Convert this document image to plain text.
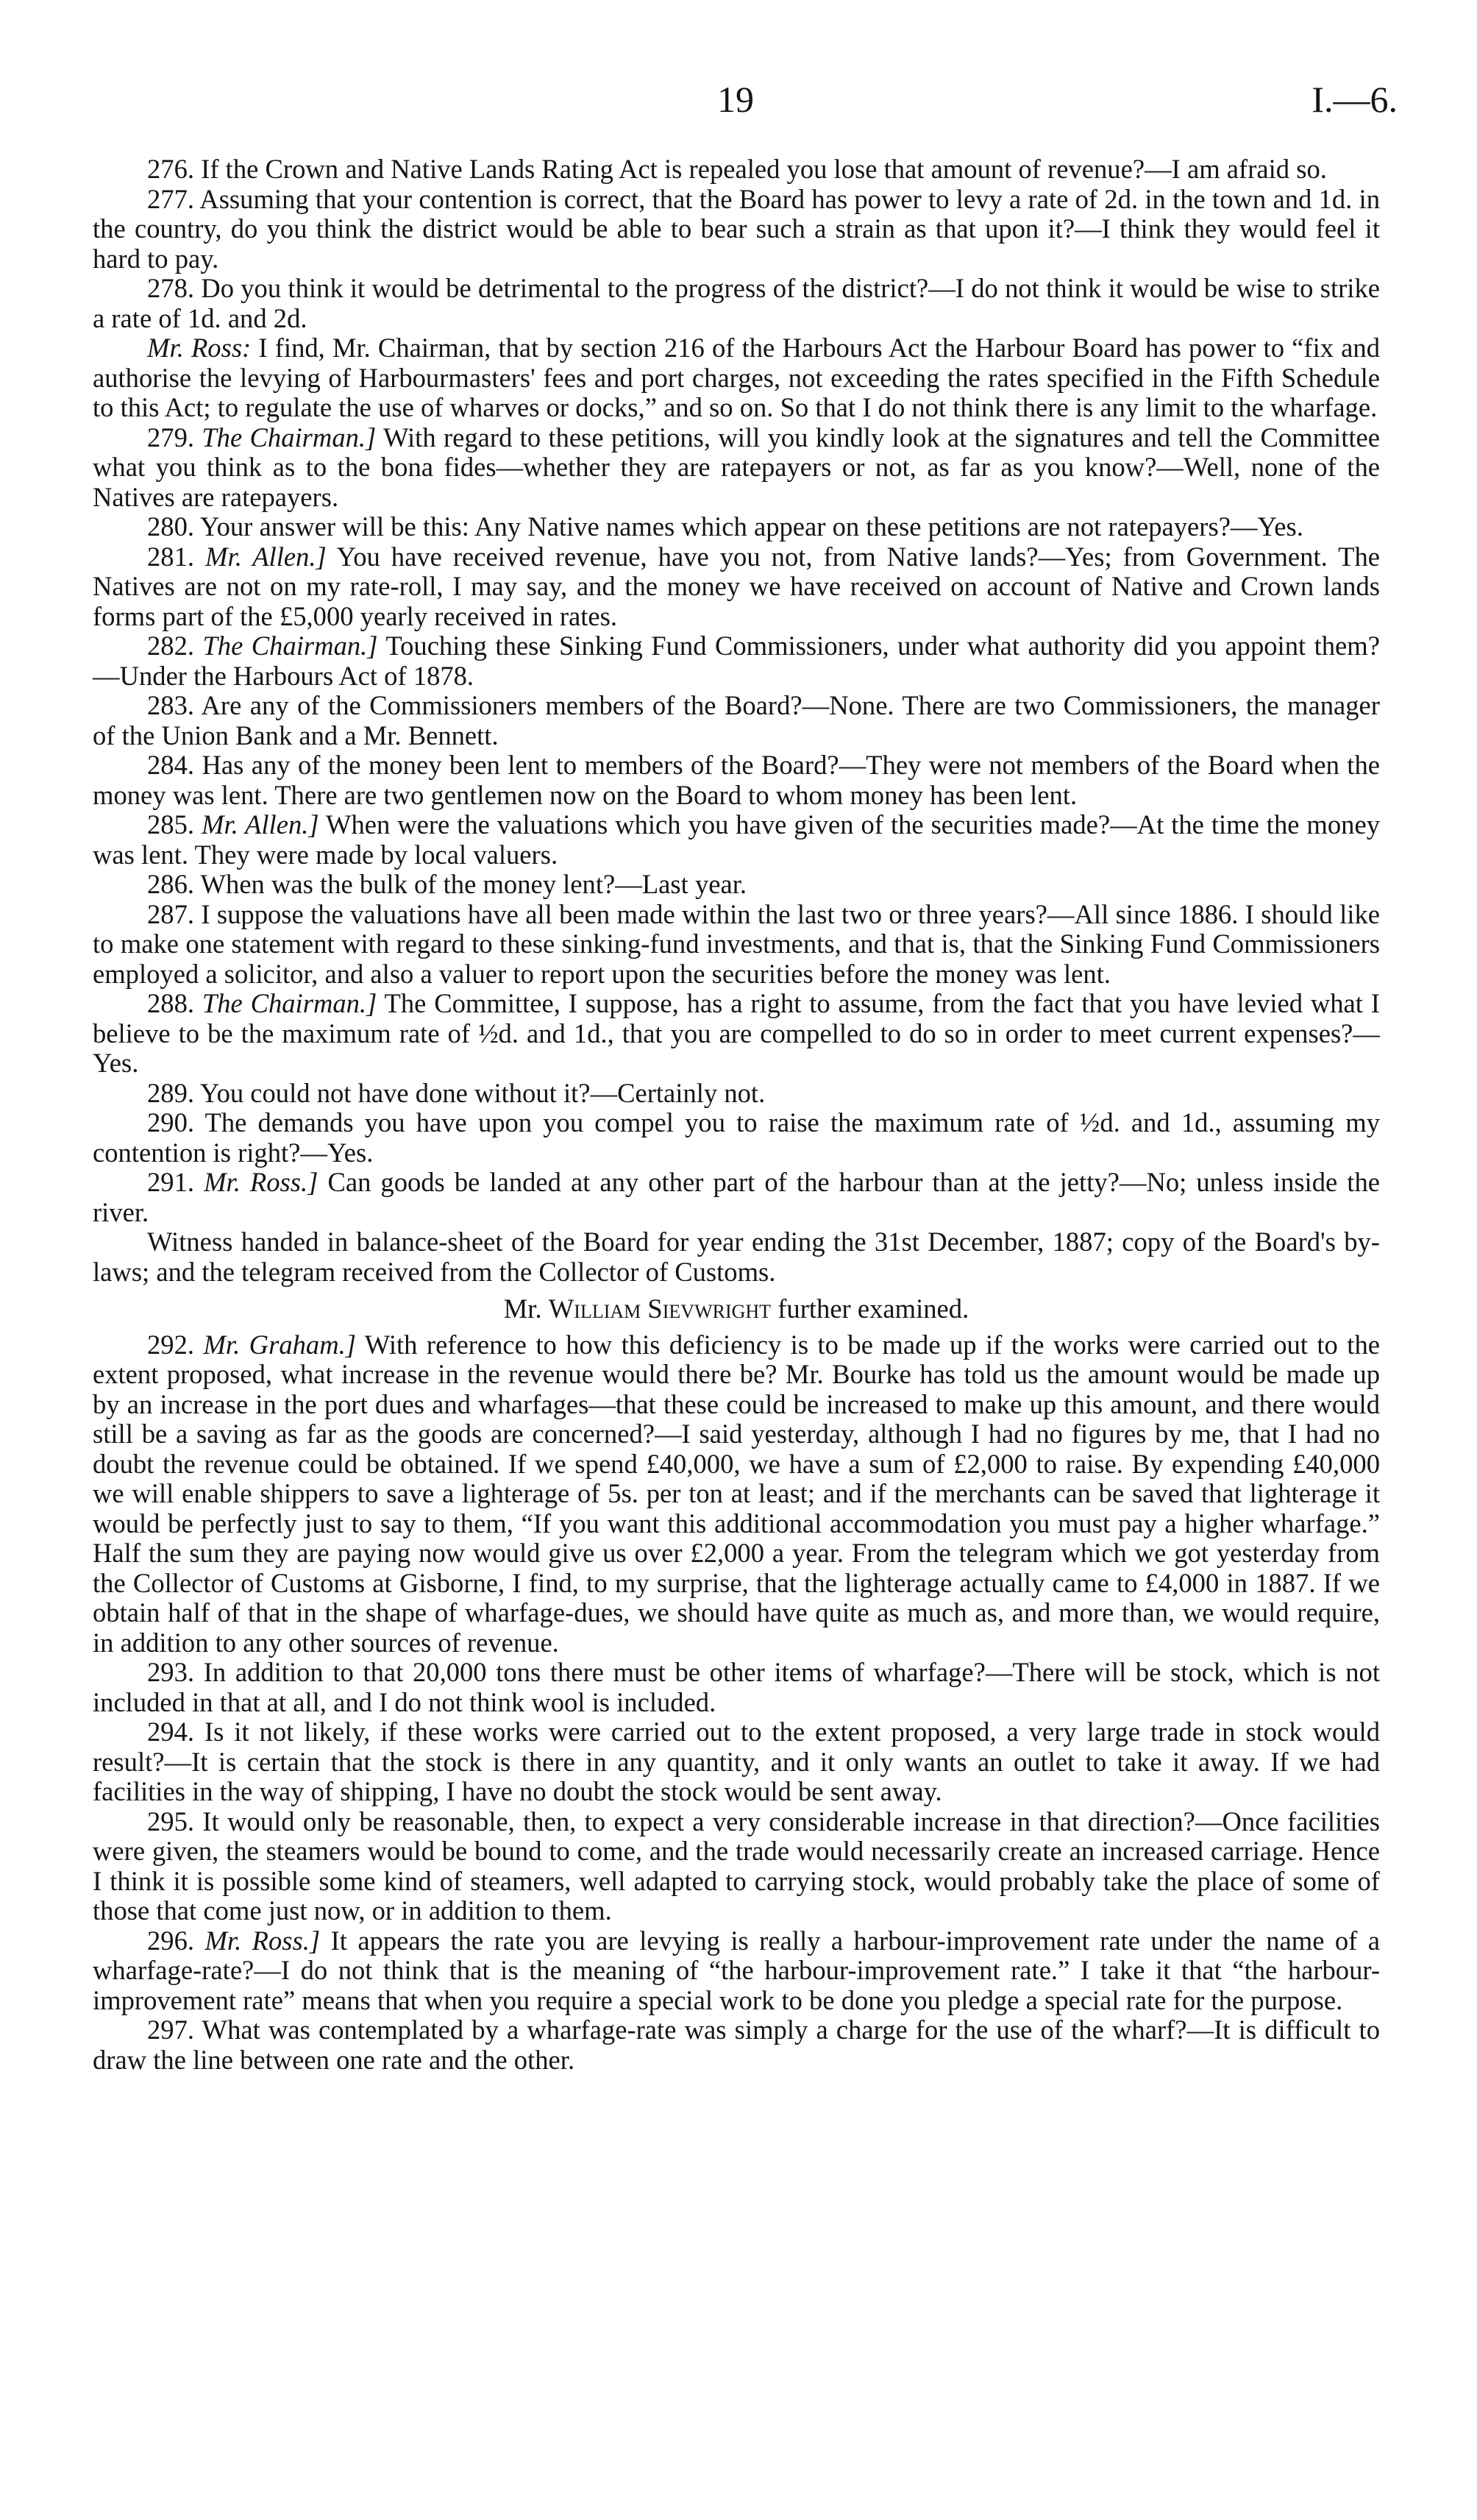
19	I.—6.

276. If the Crown and Native Lands Rating Act is repealed you lose that amount of revenue?—I am afraid so.

277. Assuming that your contention is correct, that the Board has power to levy a rate of 2d. in the town and 1d. in the country, do you think the district would be able to bear such a strain as that upon it?—I think they would feel it hard to pay.

278. Do you think it would be detrimental to the progress of the district?—I do not think it would be wise to strike a rate of 1d. and 2d.

Mr. Ross: I find, Mr. Chairman, that by section 216 of the Harbours Act the Harbour Board has power to “fix and authorise the levying of Harbourmasters' fees and port charges, not exceeding the rates specified in the Fifth Schedule to this Act; to regulate the use of wharves or docks,” and so on. So that I do not think there is any limit to the wharfage.

279. The Chairman.] With regard to these petitions, will you kindly look at the signatures and tell the Committee what you think as to the bona fides—whether they are ratepayers or not, as far as you know?—Well, none of the Natives are ratepayers.

280. Your answer will be this: Any Native names which appear on these petitions are not ratepayers?—Yes.

281. Mr. Allen.] You have received revenue, have you not, from Native lands?—Yes; from Government. The Natives are not on my rate-roll, I may say, and the money we have received on account of Native and Crown lands forms part of the £5,000 yearly received in rates.

282. The Chairman.] Touching these Sinking Fund Commissioners, under what authority did you appoint them?—Under the Harbours Act of 1878.

283. Are any of the Commissioners members of the Board?—None. There are two Commissioners, the manager of the Union Bank and a Mr. Bennett.

284. Has any of the money been lent to members of the Board?—They were not members of the Board when the money was lent. There are two gentlemen now on the Board to whom money has been lent.

285. Mr. Allen.] When were the valuations which you have given of the securities made?—At the time the money was lent. They were made by local valuers.

286. When was the bulk of the money lent?—Last year.

287. I suppose the valuations have all been made within the last two or three years?—All since 1886. I should like to make one statement with regard to these sinking-fund investments, and that is, that the Sinking Fund Commissioners employed a solicitor, and also a valuer to report upon the securities before the money was lent.

288. The Chairman.] The Committee, I suppose, has a right to assume, from the fact that you have levied what I believe to be the maximum rate of ½d. and 1d., that you are compelled to do so in order to meet current expenses?—Yes.

289. You could not have done without it?—Certainly not.

290. The demands you have upon you compel you to raise the maximum rate of ½d. and 1d., assuming my contention is right?—Yes.

291. Mr. Ross.] Can goods be landed at any other part of the harbour than at the jetty?—No; unless inside the river.

Witness handed in balance-sheet of the Board for year ending the 31st December, 1887; copy of the Board's by-laws; and the telegram received from the Collector of Customs.

Mr. William Sievwright further examined.

292. Mr. Graham.] With reference to how this deficiency is to be made up if the works were carried out to the extent proposed, what increase in the revenue would there be? Mr. Bourke has told us the amount would be made up by an increase in the port dues and wharfages—that these could be increased to make up this amount, and there would still be a saving as far as the goods are concerned?—I said yesterday, although I had no figures by me, that I had no doubt the revenue could be obtained. If we spend £40,000, we have a sum of £2,000 to raise. By expending £40,000 we will enable shippers to save a lighterage of 5s. per ton at least; and if the merchants can be saved that lighterage it would be perfectly just to say to them, “If you want this additional accommodation you must pay a higher wharfage.” Half the sum they are paying now would give us over £2,000 a year. From the telegram which we got yesterday from the Collector of Customs at Gisborne, I find, to my surprise, that the lighterage actually came to £4,000 in 1887. If we obtain half of that in the shape of wharfage-dues, we should have quite as much as, and more than, we would require, in addition to any other sources of revenue.

293. In addition to that 20,000 tons there must be other items of wharfage?—There will be stock, which is not included in that at all, and I do not think wool is included.

294. Is it not likely, if these works were carried out to the extent proposed, a very large trade in stock would result?—It is certain that the stock is there in any quantity, and it only wants an outlet to take it away. If we had facilities in the way of shipping, I have no doubt the stock would be sent away.

295. It would only be reasonable, then, to expect a very considerable increase in that direction?—Once facilities were given, the steamers would be bound to come, and the trade would necessarily create an increased carriage. Hence I think it is possible some kind of steamers, well adapted to carrying stock, would probably take the place of some of those that come just now, or in addition to them.

296. Mr. Ross.] It appears the rate you are levying is really a harbour-improvement rate under the name of a wharfage-rate?—I do not think that is the meaning of “the harbour-improvement rate.” I take it that “the harbour-improvement rate” means that when you require a special work to be done you pledge a special rate for the purpose.

297. What was contemplated by a wharfage-rate was simply a charge for the use of the wharf?—It is difficult to draw the line between one rate and the other.
